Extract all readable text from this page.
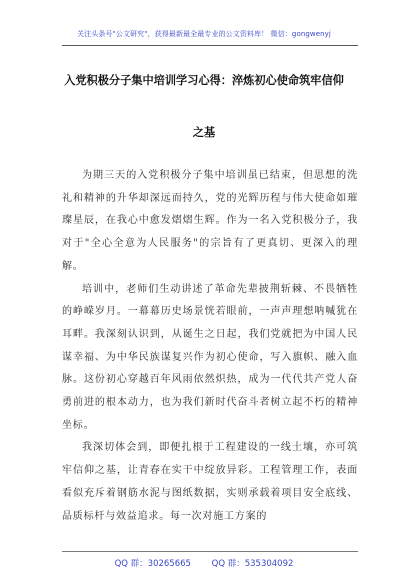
关注头条号"公文研究"，获得最新最全最专业的公文资料库！ 微信：gongwenyj
入党积极分子集中培训学习心得：淬炼初心使命筑牢信仰
之基

为期三天的入党积极分子集中培训虽已结束，但思想的洗礼和精神的升华却深远而持久，党的光辉历程与伟大使命如璀璨星辰，在我心中愈发熠熠生辉。作为一名入党积极分子，我对于"全心全意为人民服务"的宗旨有了更真切、更深入的理解。

培训中，老师们生动讲述了革命先辈披荆斩棘、不畏牺牲的峥嵘岁月。一幕幕历史场景恍若眼前，一声声理想呐喊犹在耳畔。我深刻认识到，从诞生之日起，我们党就把为中国人民谋幸福、为中华民族谋复兴作为初心使命，写入旗帜、融入血脉。这份初心穿越百年风雨依然炽热，成为一代代共产党人奋勇前进的根本动力，也为我们新时代奋斗者树立起不朽的精神坐标。

我深切体会到，即便扎根于工程建设的一线土壤，亦可筑牢信仰之基，让青春在实干中绽放异彩。工程管理工作，表面看似充斥着钢筋水泥与图纸数据，实则承载着项目安全底线、品质标杆与效益追求。每一次对施工方案的

QQ 群：30265665 QQ 群：535304092
